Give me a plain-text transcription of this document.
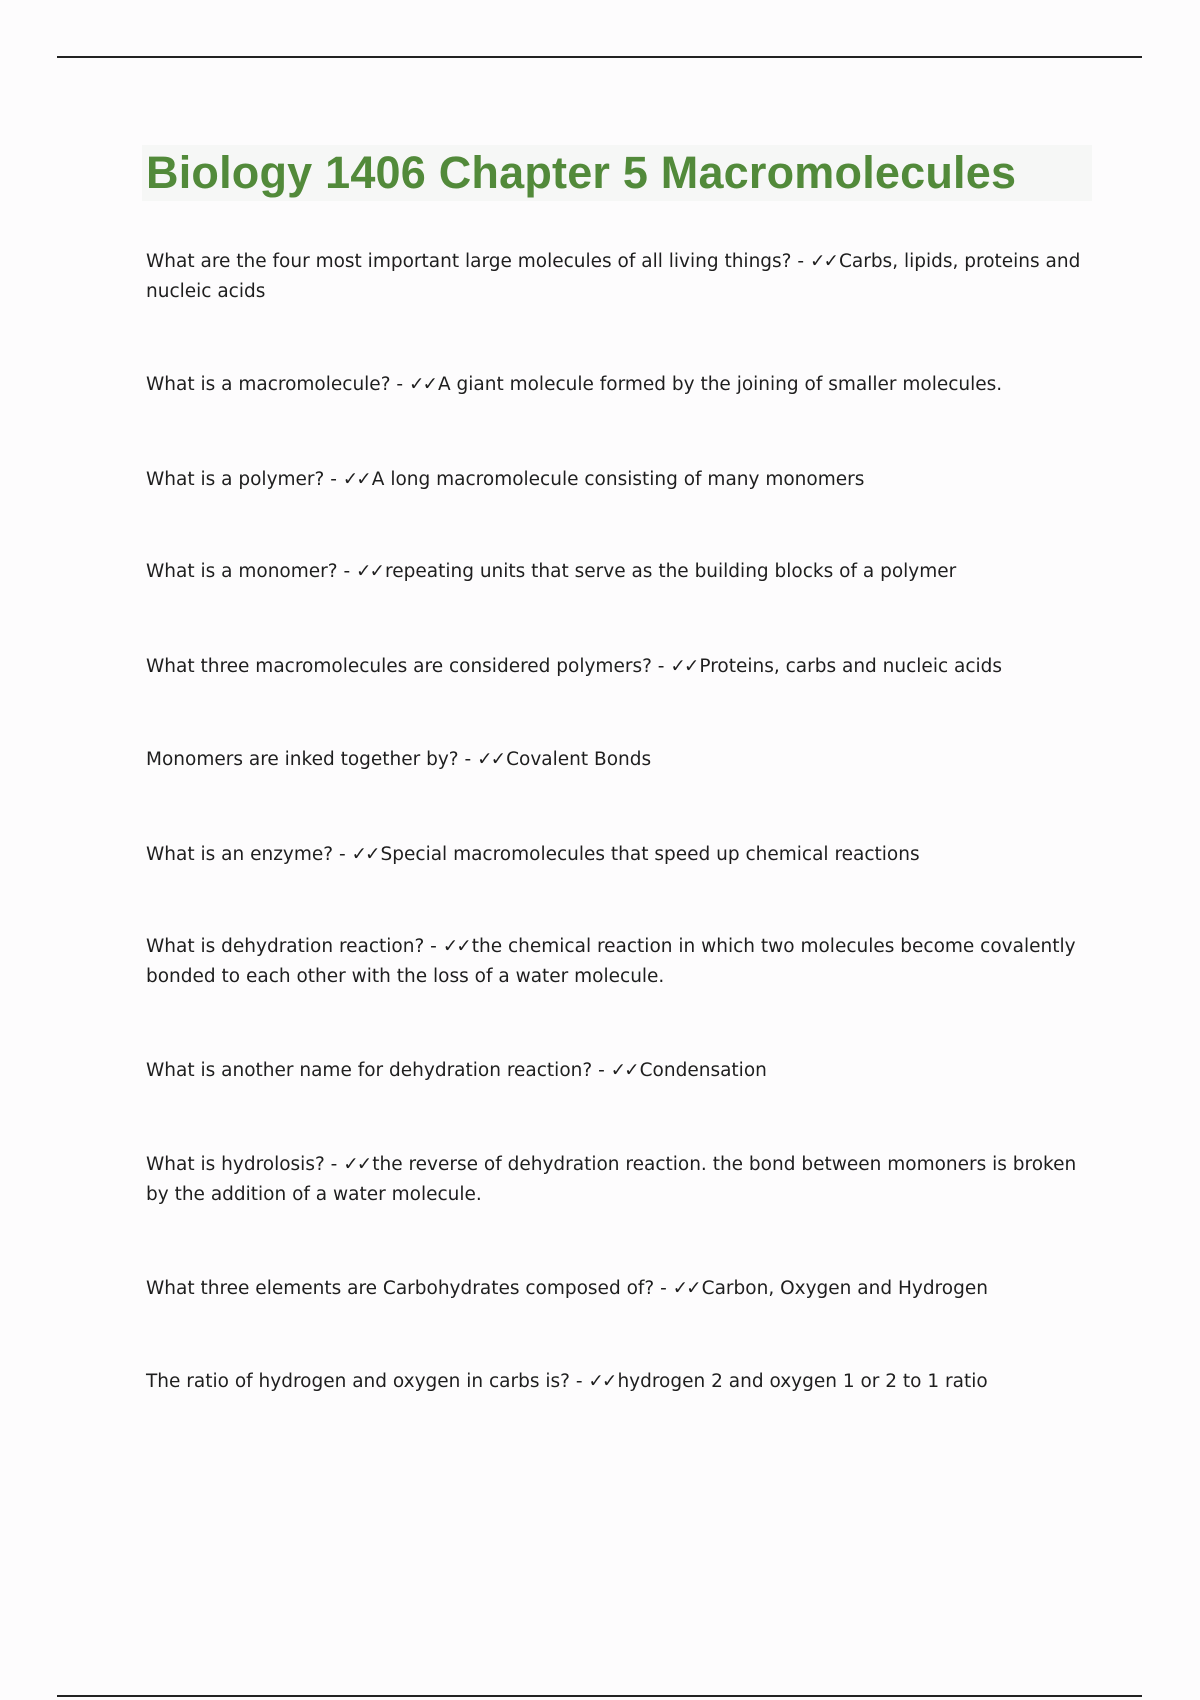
Biology 1406 Chapter 5 Macromolecules

What are the four most important large molecules of all living things? - ✓✓ Carbs, lipids, proteins and nucleic acids

What is a macromolecule? - ✓✓ A giant molecule formed by the joining of smaller molecules.

What is a polymer? - ✓✓ A long macromolecule consisting of many monomers

What is a monomer? - ✓✓ repeating units that serve as the building blocks of a polymer

What three macromolecules are considered polymers? - ✓✓ Proteins, carbs and nucleic acids

Monomers are inked together by? - ✓✓ Covalent Bonds

What is an enzyme? - ✓✓ Special macromolecules that speed up chemical reactions

What is dehydration reaction? - ✓✓ the chemical reaction in which two molecules become covalently bonded to each other with the loss of a water molecule.

What is another name for dehydration reaction? - ✓✓ Condensation

What is hydrolosis? - ✓✓ the reverse of dehydration reaction. the bond between momoners is broken by the addition of a water molecule.

What three elements are Carbohydrates composed of? - ✓✓ Carbon, Oxygen and Hydrogen

The ratio of hydrogen and oxygen in carbs is? - ✓✓ hydrogen 2 and oxygen 1 or 2 to 1 ratio
